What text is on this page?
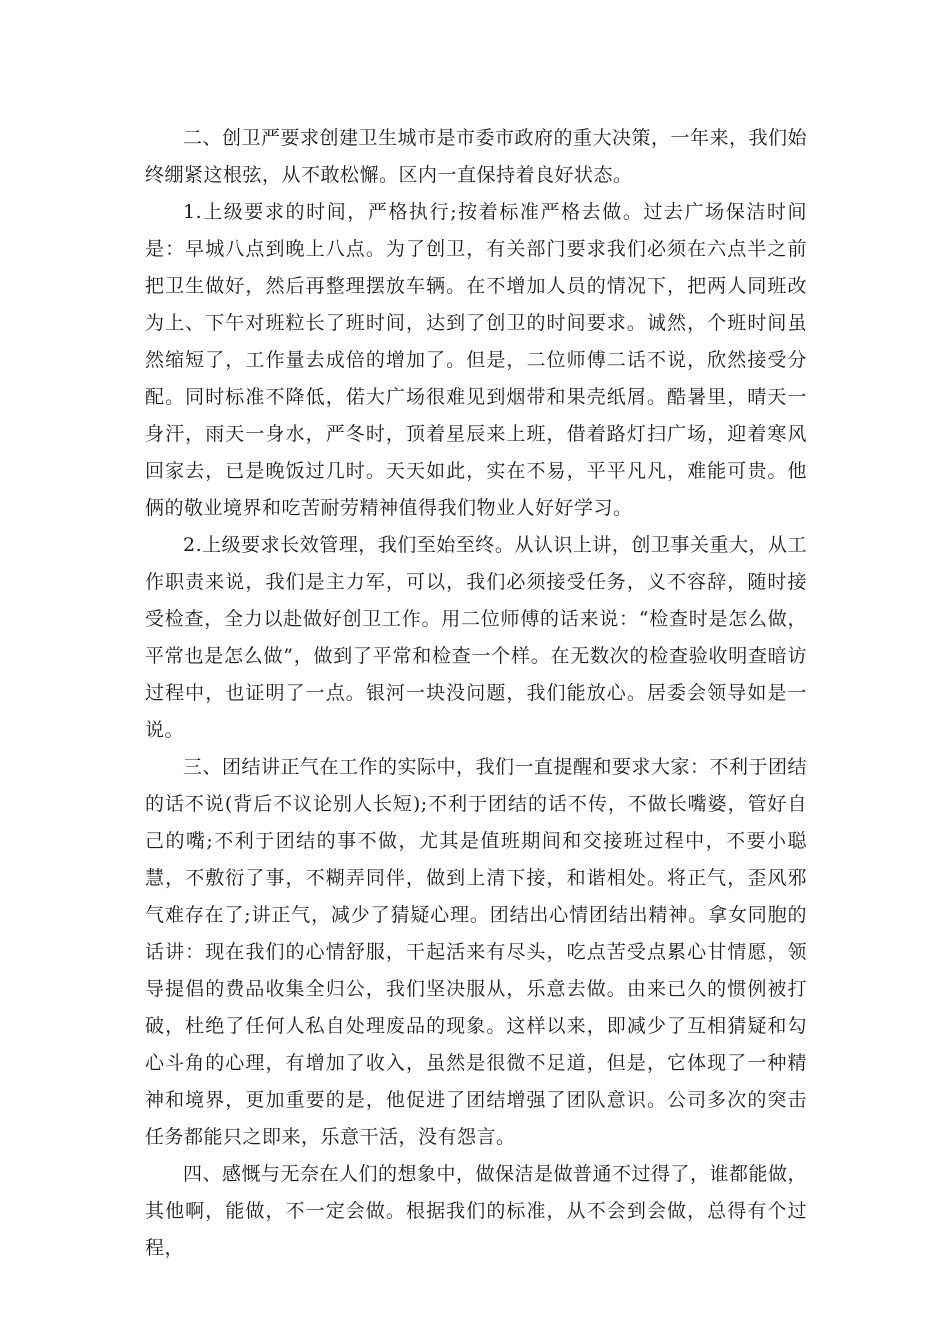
二、创卫严要求创建卫生城市是市委市政府的重大决策，一年来，我们始终绷紧这根弦，从不敢松懈。区内一直保持着良好状态。

1.上级要求的时间，严格执行;按着标准严格去做。过去广场保洁时间是：早城八点到晚上八点。为了创卫，有关部门要求我们必须在六点半之前把卫生做好，然后再整理摆放车辆。在不增加人员的情况下，把两人同班改为上、下午对班粒长了班时间，达到了创卫的时间要求。诚然，个班时间虽然缩短了，工作量去成倍的增加了。但是，二位师傅二话不说，欣然接受分配。同时标准不降低，偌大广场很难见到烟带和果壳纸屑。酷暑里，晴天一身汗，雨天一身水，严冬时，顶着星辰来上班，借着路灯扫广场，迎着寒风回家去，已是晚饭过几时。天天如此，实在不易，平平凡凡，难能可贵。他俩的敬业境界和吃苦耐劳精神值得我们物业人好好学习。

2.上级要求长效管理，我们至始至终。从认识上讲，创卫事关重大，从工作职责来说，我们是主力军，可以，我们必须接受任务，义不容辞，随时接受检查，全力以赴做好创卫工作。用二位师傅的话来说：“检查时是怎么做，平常也是怎么做”，做到了平常和检查一个样。在无数次的检查验收明查暗访过程中，也证明了一点。银河一块没问题，我们能放心。居委会领导如是一说。

三、团结讲正气在工作的实际中，我们一直提醒和要求大家：不利于团结的话不说(背后不议论别人长短);不利于团结的话不传，不做长嘴婆，管好自己的嘴;不利于团结的事不做，尤其是值班期间和交接班过程中，不要小聪慧，不敷衍了事，不糊弄同伴，做到上清下接，和谐相处。将正气，歪风邪气难存在了;讲正气，减少了猜疑心理。团结出心情团结出精神。拿女同胞的话讲：现在我们的心情舒服，干起活来有尽头，吃点苦受点累心甘情愿，领导提倡的费品收集全归公，我们坚决服从，乐意去做。由来已久的惯例被打破，杜绝了任何人私自处理废品的现象。这样以来，即减少了互相猜疑和勾心斗角的心理，有增加了收入，虽然是很微不足道，但是，它体现了一种精神和境界，更加重要的是，他促进了团结增强了团队意识。公司多次的突击任务都能只之即来，乐意干活，没有怨言。

四、感慨与无奈在人们的想象中，做保洁是做普通不过得了，谁都能做，其他啊，能做，不一定会做。根据我们的标准，从不会到会做，总得有个过程，
